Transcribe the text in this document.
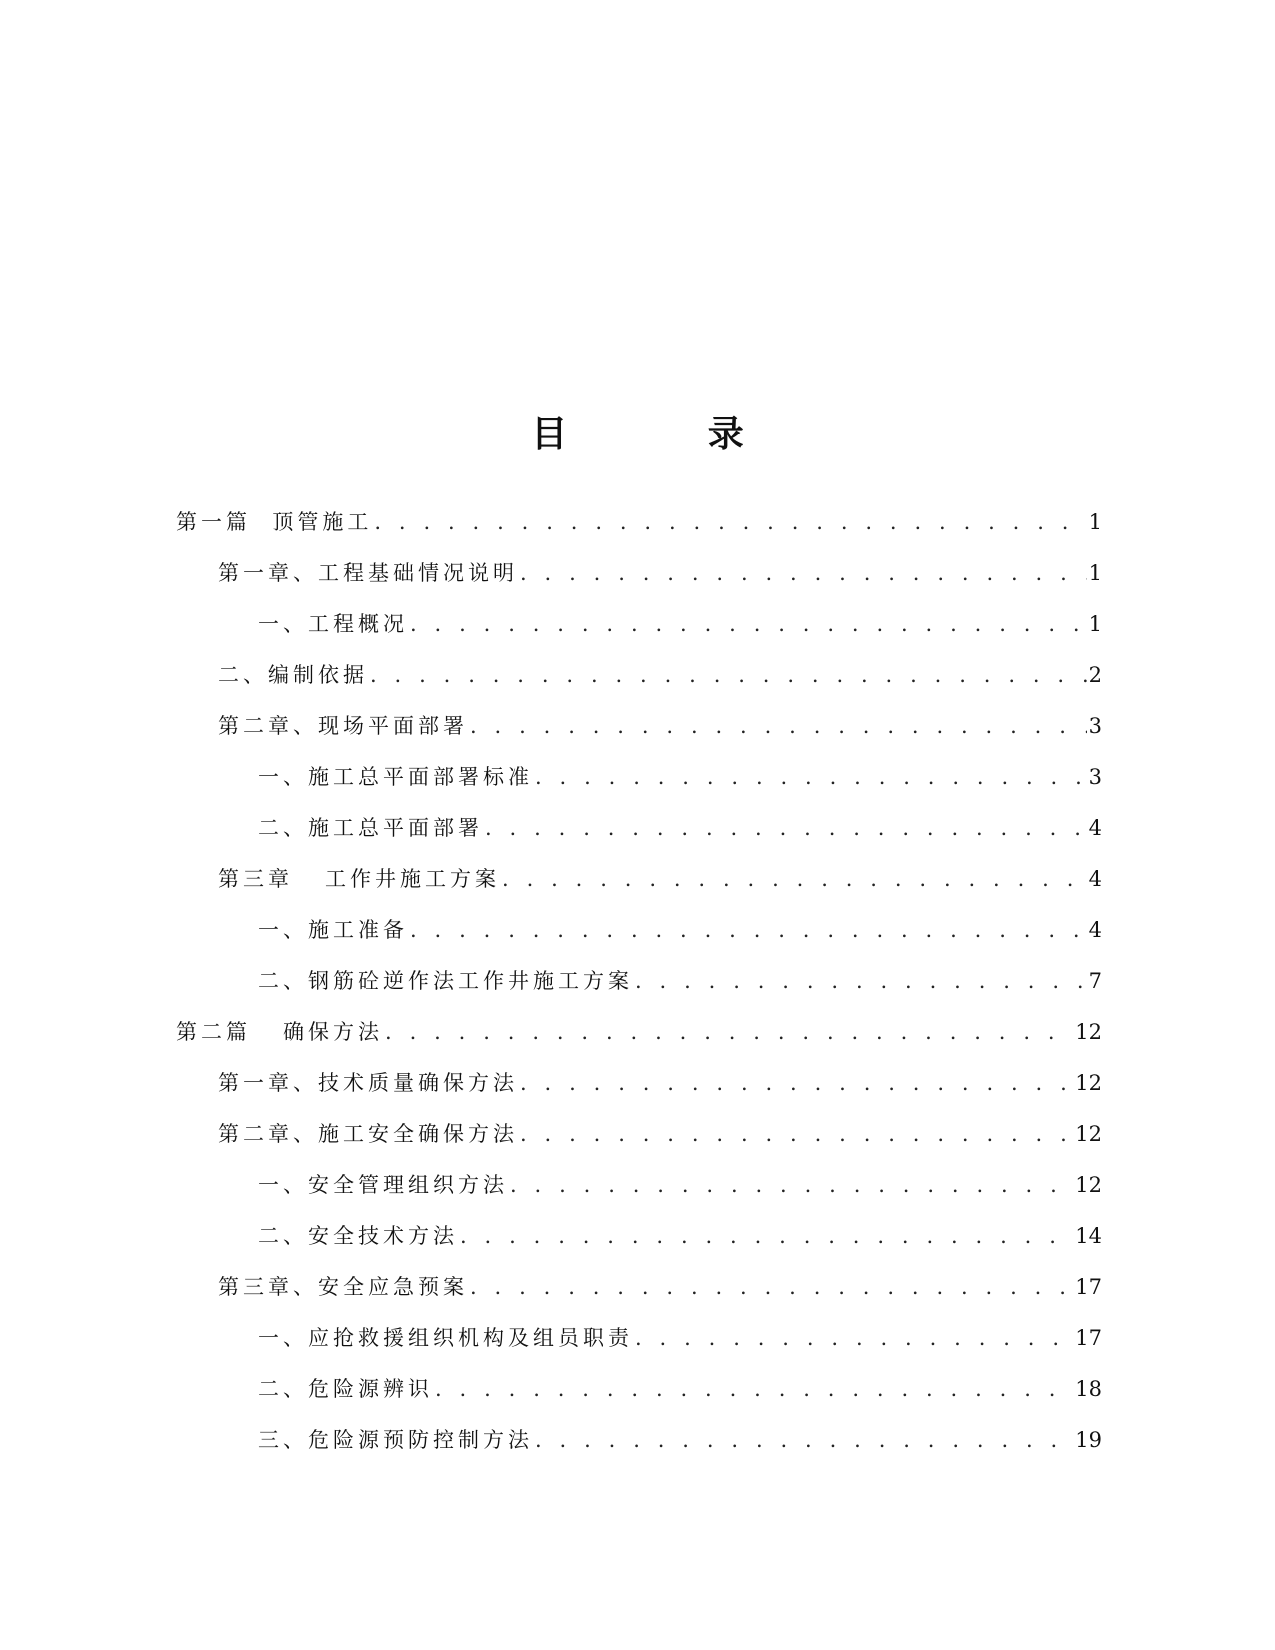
目 录
第一篇  顶管施工 . . .	1
第一章、工程基础情况说明 . . .	1
一、工程概况 . . .	1
二、编制依据 . . .	2
第二章、现场平面部署 . . .	3
一、施工总平面部署标准 . . .	3
二、施工总平面部署 . . .	4
第三章   工作井施工方案 . . .	4
一、施工准备 . . .	4
二、钢筋砼逆作法工作井施工方案 . . .	7
第二篇   确保方法 . . .	12
第一章、技术质量确保方法 . . .	12
第二章、施工安全确保方法 . . .	12
一、安全管理组织方法 . . .	12
二、安全技术方法 . . .	14
第三章、安全应急预案 . . .	17
一、应抢救援组织机构及组员职责 . . .	17
二、危险源辨识 . . .	18
三、危险源预防控制方法 . . .	19
